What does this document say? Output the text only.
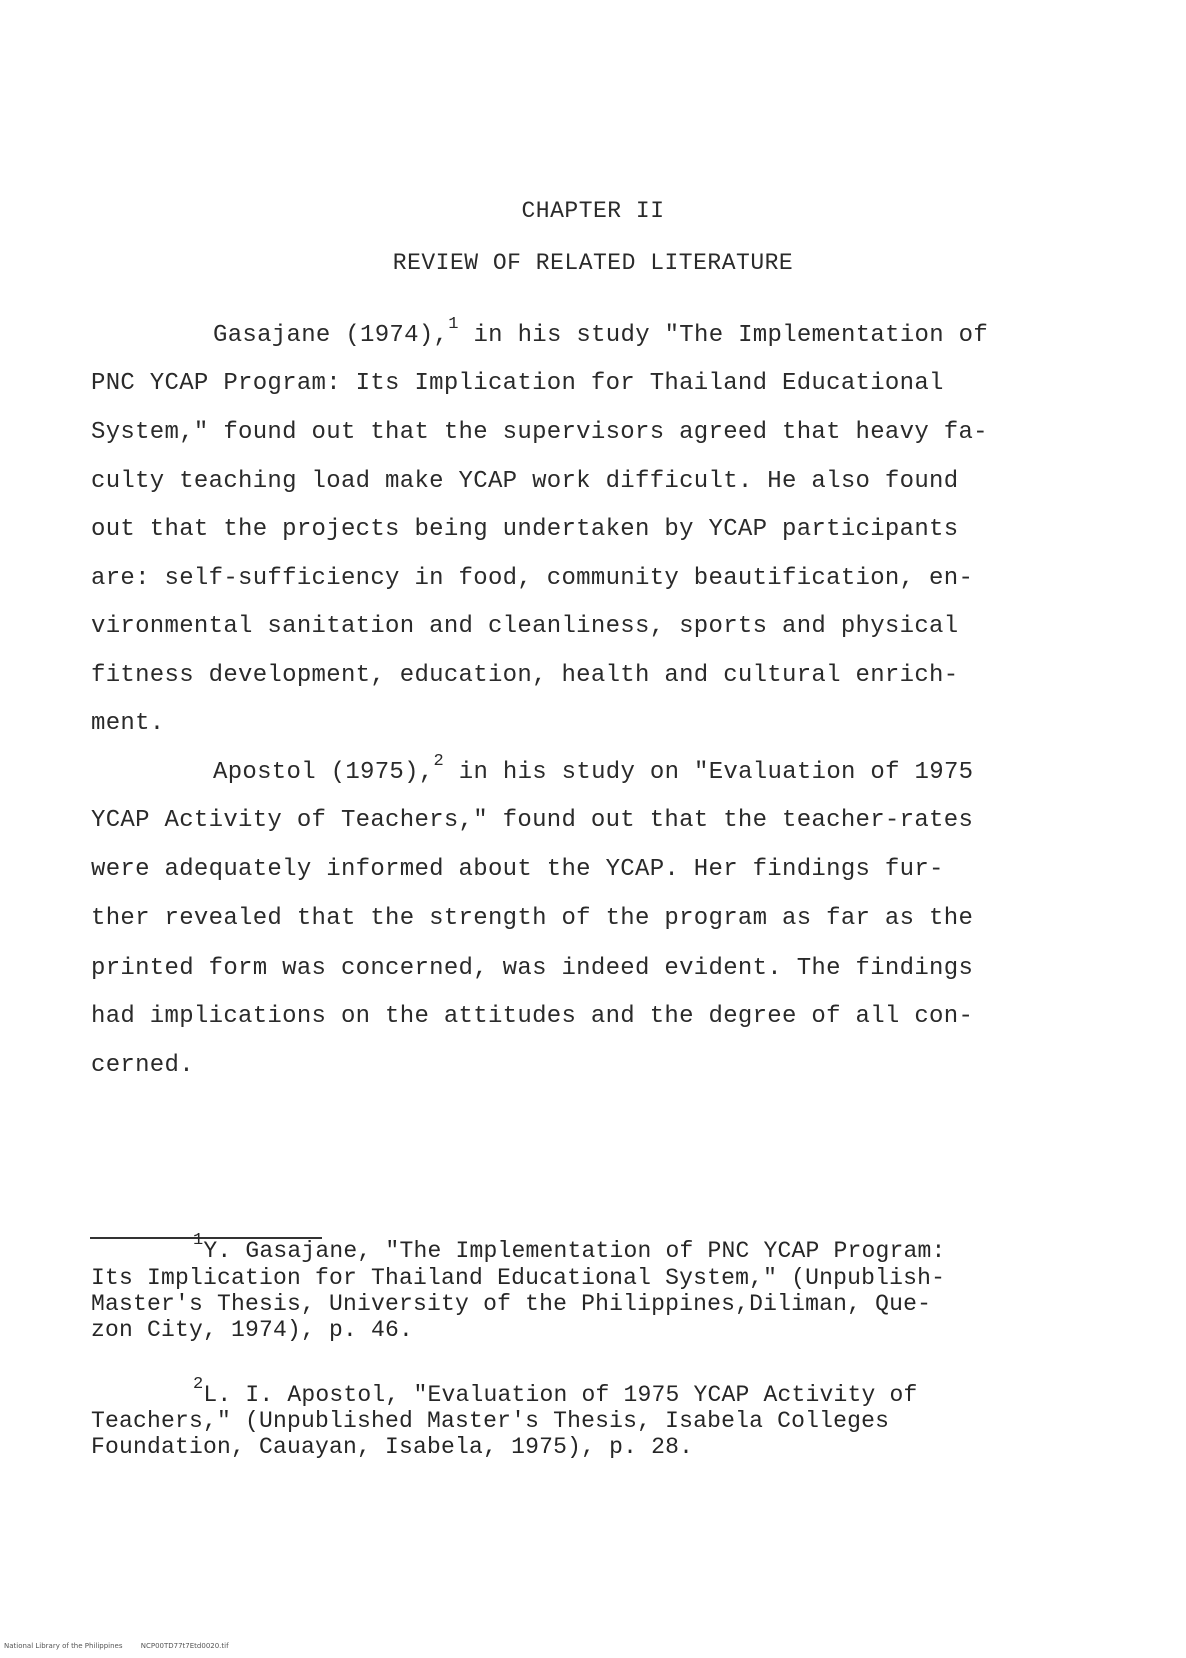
CHAPTER II
REVIEW OF RELATED LITERATURE
Gasajane (1974),$^1$ in his study "The Implementation of
PNC YCAP Program: Its Implication for Thailand Educational
System," found out that the supervisors agreed that heavy fa-
culty teaching load make YCAP work difficult. He also found
out that the projects being undertaken by YCAP participants
are: self-sufficiency in food, community beautification, en-
vironmental sanitation and cleanliness, sports and physical
fitness development, education, health and cultural enrich-
ment.
Apostol (1975),$^2$ in his study on "Evaluation of 1975
YCAP Activity of Teachers," found out that the teacher-rates
were adequately informed about the YCAP. Her findings fur-
ther revealed that the strength of the program as far as the
printed form was concerned, was indeed evident. The findings
had implications on the attitudes and the degree of all con-
cerned.
$^1$Y. Gasajane, "The Implementation of PNC YCAP Program:
Its Implication for Thailand Educational System," (Unpublish-
Master's Thesis, University of the Philippines,Diliman, Que-
zon City, 1974), p. 46.
$^2$L. I. Apostol, "Evaluation of 1975 YCAP Activity of
Teachers," (Unpublished Master's Thesis, Isabela Colleges
Foundation, Cauayan, Isabela, 1975), p. 28.
National Library of the Philippines	NCP00TD77t7Etd0020.tif
